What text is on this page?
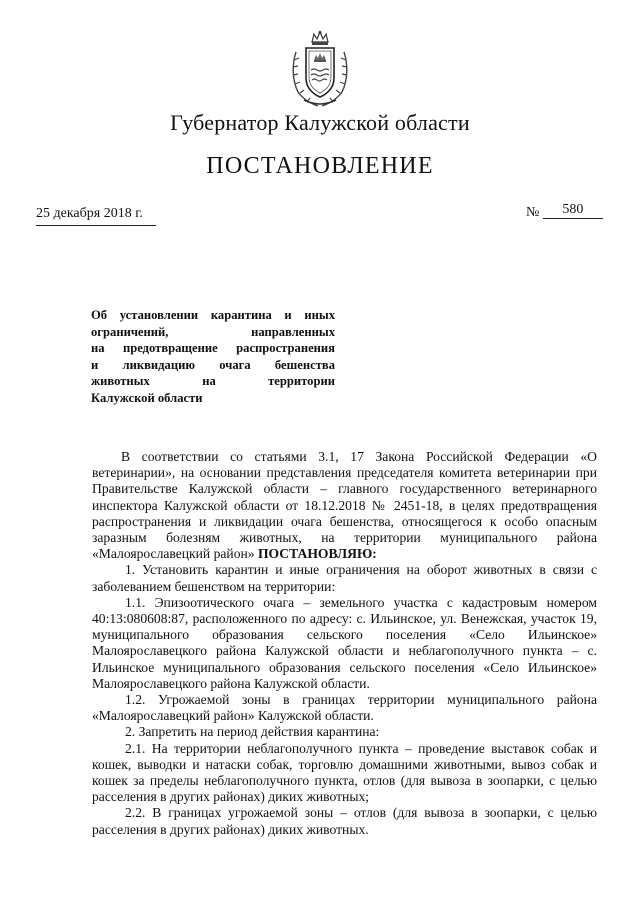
Губернатор Калужской области
ПОСТАНОВЛЕНИЕ
25 декабря 2018 г.	№ 580
Об установлении карантина и иных
ограничений, направленных
на предотвращение распространения
и ликвидацию очага бешенства
животных на территории
Калужской области

В соответствии со статьями 3.1, 17 Закона Российской Федерации «О ветеринарии», на основании представления председателя комитета ветеринарии при Правительстве Калужской области – главного государственного ветеринарного инспектора Калужской области от 18.12.2018 № 2451-18, в целях предотвращения распространения и ликвидации очага бешенства, относящегося к особо опасным заразным болезням животных, на территории муниципального района «Малоярославецкий район» ПОСТАНОВЛЯЮ:

1. Установить карантин и иные ограничения на оборот животных в связи с заболеванием бешенством на территории:

1.1. Эпизоотического очага – земельного участка с кадастровым номером 40:13:080608:87, расположенного по адресу: с. Ильинское, ул. Венежская, участок 19, муниципального образования сельского поселения «Село Ильинское» Малоярославецкого района Калужской области и неблагополучного пункта – с. Ильинское муниципального образования сельского поселения «Село Ильинское» Малоярославецкого района Калужской области.

1.2. Угрожаемой зоны в границах территории муниципального района «Малоярославецкий район» Калужской области.

2. Запретить на период действия карантина:

2.1. На территории неблагополучного пункта – проведение выставок собак и кошек, выводки и натаски собак, торговлю домашними животными, вывоз собак и кошек за пределы неблагополучного пункта, отлов (для вывоза в зоопарки, с целью расселения в других районах) диких животных;

2.2. В границах угрожаемой зоны – отлов (для вывоза в зоопарки, с целью расселения в других районах) диких животных.
